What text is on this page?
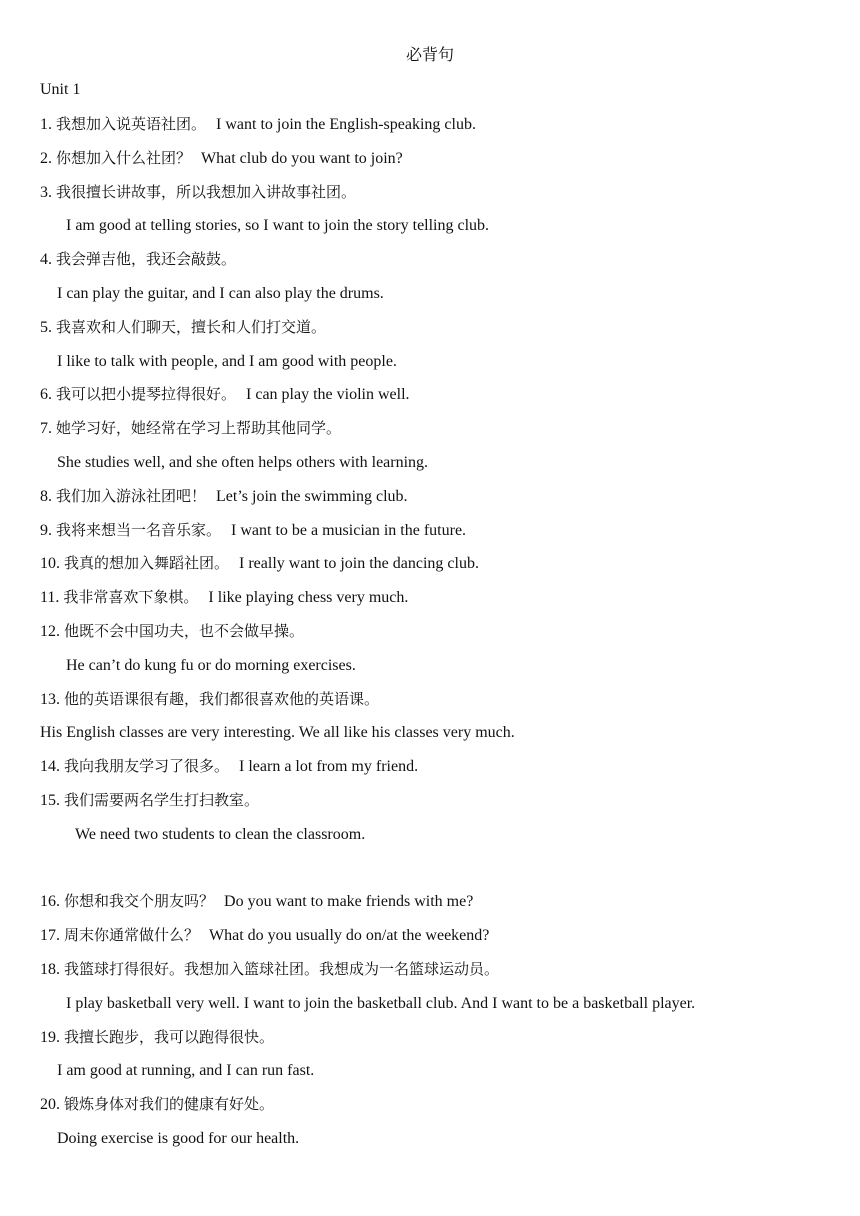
必背句
Unit 1
1. 我想加入说英语社团。 I want to join the English-speaking club.
2. 你想加入什么社团？ What club do you want to join?
3. 我很擅长讲故事，所以我想加入讲故事社团。
I am good at telling stories, so I want to join the story telling club.
4. 我会弹吉他，我还会敲鼓。
I can play the guitar, and I can also play the drums.
5. 我喜欢和人们聊天，擅长和人们打交道。
I like to talk with people, and I am good with people.
6. 我可以把小提琴拉得很好。 I can play the violin well.
7. 她学习好，她经常在学习上帮助其他同学。
She studies well, and she often helps others with learning.
8. 我们加入游泳社团吧！ Let’s join the swimming club.
9. 我将来想当一名音乐家。 I want to be a musician in the future.
10. 我真的想加入舞蹈社团。 I really want to join the dancing club.
11. 我非常喜欢下象棋。 I like playing chess very much.
12. 他既不会中国功夫，也不会做早操。
He can’t do kung fu or do morning exercises.
13. 他的英语课很有趣，我们都很喜欢他的英语课。
His English classes are very interesting. We all like his classes very much.
14. 我向我朋友学习了很多。 I learn a lot from my friend.
15. 我们需要两名学生打扫教室。
We need two students to clean the classroom.
16. 你想和我交个朋友吗？ Do you want to make friends with me?
17. 周末你通常做什么？ What do you usually do on/at the weekend?
18. 我篮球打得很好。我想加入篮球社团。我想成为一名篮球运动员。
I play basketball very well. I want to join the basketball club. And I want to be a basketball player.
19. 我擅长跑步，我可以跑得很快。
I am good at running, and I can run fast.
20. 锻炼身体对我们的健康有好处。
Doing exercise is good for our health.
